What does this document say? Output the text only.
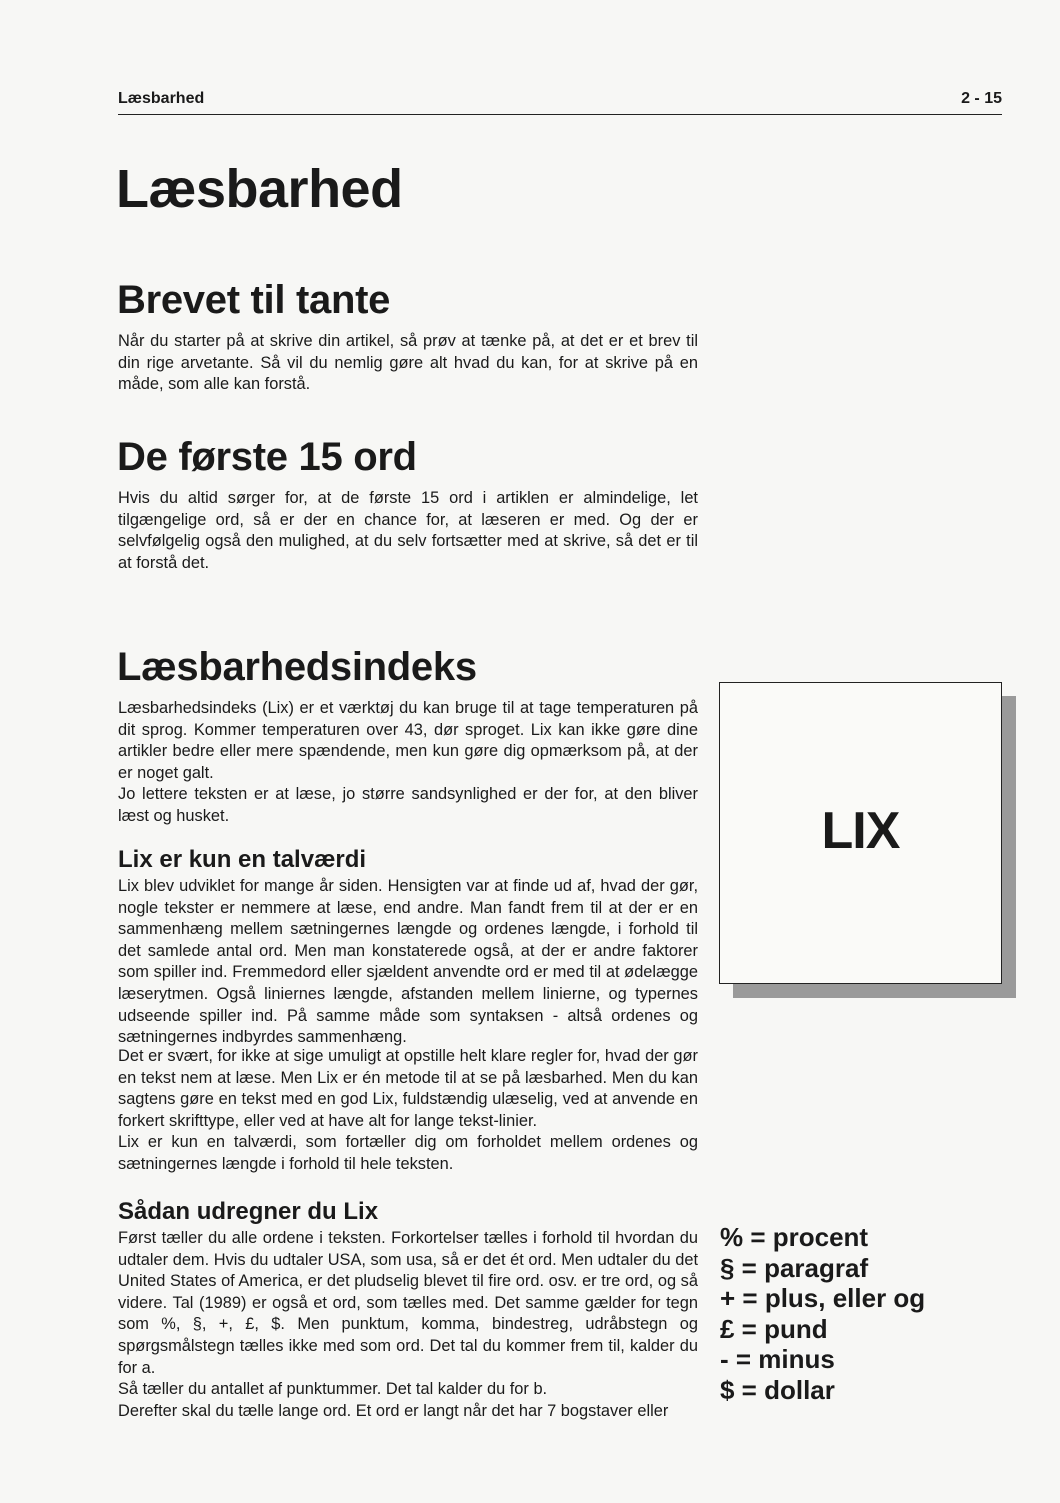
Læsbarhed	2 - 15
Læsbarhed
Brevet til tante

Når du starter på at skrive din artikel, så prøv at tænke på, at det er et brev til din rige arvetante. Så vil du nemlig gøre alt hvad du kan, for at skrive på en måde, som alle kan forstå.

De første 15 ord

Hvis du altid sørger for, at de første 15 ord i artiklen er almindelige, let tilgængelige ord, så er der en chance for, at læseren er med. Og der er selvfølgelig også den mulighed, at du selv fortsætter med at skrive, så det er til at forstå det.

Læsbarhedsindeks

Læsbarhedsindeks (Lix) er et værktøj du kan bruge til at tage temperaturen på dit sprog. Kommer temperaturen over 43, dør sproget. Lix kan ikke gøre dine artikler bedre eller mere spændende, men kun gøre dig opmærksom på, at der er noget galt.

Jo lettere teksten er at læse, jo større sandsynlighed er der for, at den bliver læst og husket.

Lix er kun en talværdi

Lix blev udviklet for mange år siden. Hensigten var at finde ud af, hvad der gør, nogle tekster er nemmere at læse, end andre. Man fandt frem til at der er en sammenhæng mellem sætningernes længde og ordenes længde, i forhold til det samlede antal ord. Men man konstaterede også, at der er andre faktorer som spiller ind. Fremmedord eller sjældent anvendte ord er med til at ødelægge læserytmen. Også liniernes længde, afstanden mellem linierne, og typernes udseende spiller ind. På samme måde som syntaksen - altså ordenes og sætningernes indbyrdes sammenhæng.

Det er svært, for ikke at sige umuligt at opstille helt klare regler for, hvad der gør en tekst nem at læse. Men Lix er én metode til at se på læsbarhed. Men du kan sagtens gøre en tekst med en god Lix, fuldstændig ulæselig, ved at anvende en forkert skrifttype, eller ved at have alt for lange tekst-linier.

Lix er kun en talværdi, som fortæller dig om forholdet mellem ordenes og sætningernes længde i forhold til hele teksten.

Sådan udregner du Lix

Først tæller du alle ordene i teksten. Forkortelser tælles i forhold til hvordan du udtaler dem. Hvis du udtaler USA, som usa, så er det ét ord. Men udtaler du det United States of America, er det pludselig blevet til fire ord. osv. er tre ord, og så videre. Tal (1989) er også et ord, som tælles med. Det samme gælder for tegn som %, §, +, £, $. Men punktum, komma, bindestreg, udråbstegn og spørgsmålstegn tælles ikke med som ord. Det tal du kommer frem til, kalder du for a.

Så tæller du antallet af punktummer. Det tal kalder du for b.

Derefter skal du tælle lange ord. Et ord er langt når det har 7 bogstaver eller

LIX
% = procent
§ = paragraf
+ = plus, eller og
£ = pund
- = minus
$ = dollar
